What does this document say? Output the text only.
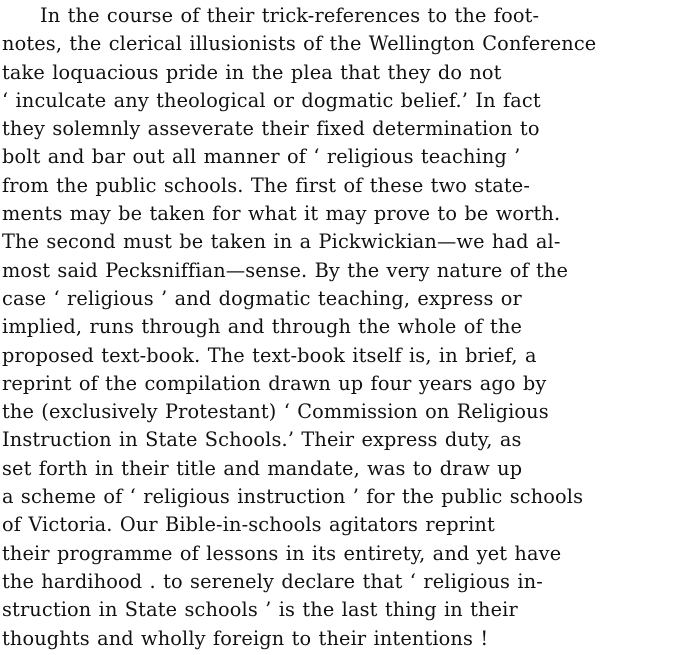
In the course of their trick-references to the foot-
notes, the clerical illusionists of the Wellington Conference
take loquacious pride in the plea that they do not
‘ inculcate any theological or dogmatic belief.’ In fact
they solemnly asseverate their fixed determination to
bolt and bar out all manner of ‘ religious teaching ’
from the public schools. The first of these two state-
ments may be taken for what it may prove to be worth.
The second must be taken in a Pickwickian—we had al-
most said Pecksniffian—sense. By the very nature of the
case ‘ religious ’ and dogmatic teaching, express or
implied, runs through and through the whole of the
proposed text-book. The text-book itself is, in brief, a
reprint of the compilation drawn up four years ago by
the (exclusively Protestant) ‘ Commission on Religious
Instruction in State Schools.’ Their express duty, as
set forth in their title and mandate, was to draw up
a scheme of ‘ religious instruction ’ for the public schools
of Victoria. Our Bible-in-schools agitators reprint
their programme of lessons in its entirety, and yet have
the hardihood . to serenely declare that ‘ religious in-
struction in State schools ’ is the last thing in their
thoughts and wholly foreign to their intentions !
